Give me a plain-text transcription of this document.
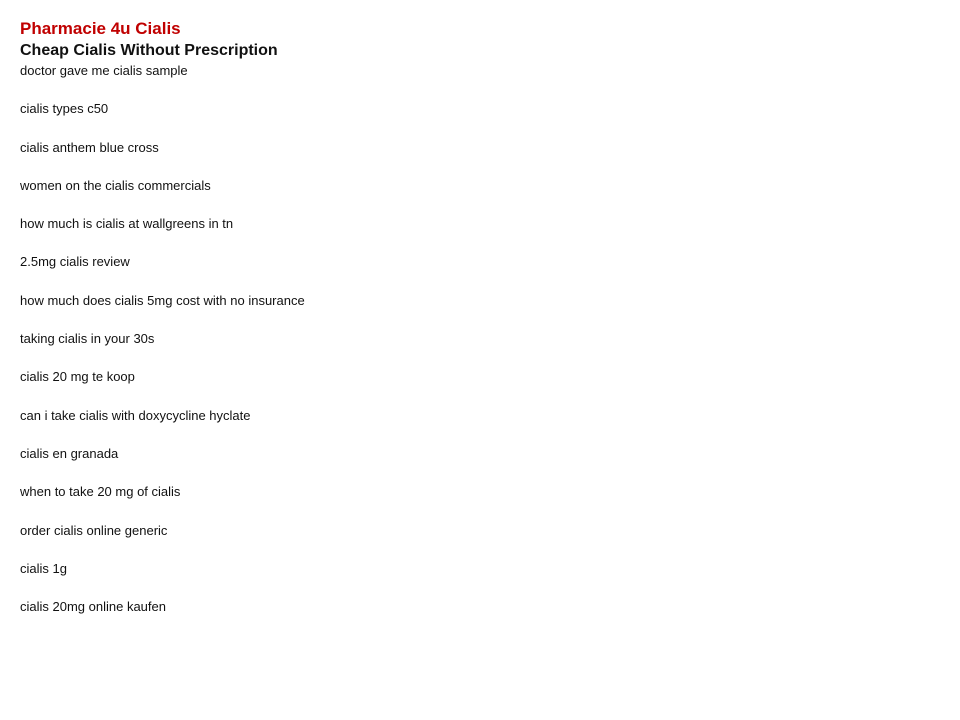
Pharmacie 4u Cialis
Cheap Cialis Without Prescription
doctor gave me cialis sample
cialis types c50
cialis anthem blue cross
women on the cialis commercials
how much is cialis at wallgreens in tn
2.5mg cialis review
how much does cialis 5mg cost with no insurance
taking cialis in your 30s
cialis 20 mg te koop
can i take cialis with doxycycline hyclate
cialis en granada
when to take 20 mg of cialis
order cialis online generic
cialis 1g
cialis 20mg online kaufen
